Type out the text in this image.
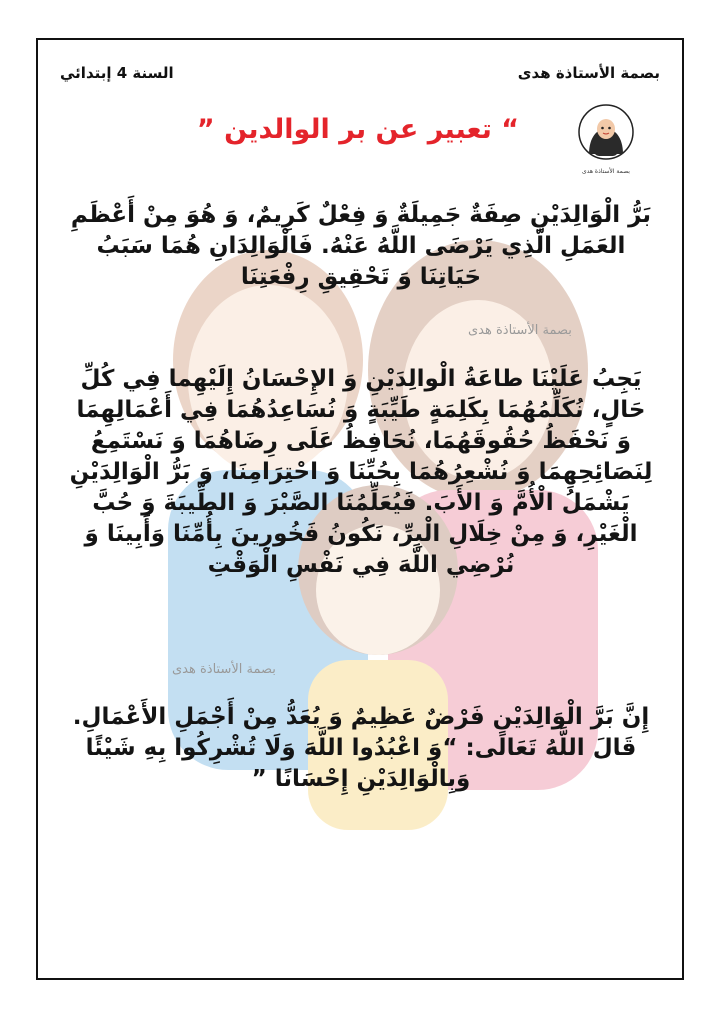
بصمة الأستاذة هدى
السنة 4 إبتدائي
بصمة الأستاذة هدى
“ تعبير عن بر الوالدين ”
بَرُّ الْوَالِدَيْنِ صِفَةٌ جَمِيلَةٌ وَ فِعْلٌ كَرِيمٌ، وَ هُوَ مِنْ أَعْظَمِ العَمَلِ الَّذِي يَرْضَى اللَّهُ عَنْهُ. فَالْوَالِدَانِ هُمَا سَبَبُ حَيَاتِنَا وَ تَحْقِيقِ رِفْعَتِنَا
بصمة الأستاذة هدى
يَجِبُ عَلَيْنَا طاعَةُ الْوالِدَيْنِ وَ الإِحْسَانُ إِلَيْهِما فِي كُلِّ حَالٍ، نُكَلِّمُهُمَا بِكَلِمَةٍ طَيِّبَةٍ وَ نُسَاعِدُهُمَا فِي أَعْمَالِهِمَا وَ نَحْفَظُ حُقُوقَهُمَا، نُحَافِظُ عَلَى رِضَاهُمَا وَ نَسْتَمِعُ لِنَصَائِحِهِمَا وَ نُشْعِرُهُمَا بِحُبِّنَا وَ احْتِرَامِنَا، وَ بَرُّ الْوَالِدَيْنِ يَشْمَلُ الْأُمَّ وَ الأَبَ. فَيُعَلِّمُنَا الصَّبْرَ وَ الطِّيبَةَ وَ حُبَّ الْغَيْرِ، وَ مِنْ خِلَالِ الْبِرِّ، نَكُونُ فَخُورِينَ بِأُمِّنَا وَأَبِينَا وَ نُرْضِي اللَّهَ فِي نَفْسِ الْوَقْتِ
بصمة الأستاذة هدى
إِنَّ بَرَّ الْوَالِدَيْنِ فَرْضٌ عَظِيمٌ وَ يُعَدُّ مِنْ أَجْمَلِ الأَعْمَالِ. قَالَ اللَّهُ تَعَالَى: “وَ اعْبُدُوا اللَّهَ وَلَا تُشْرِكُوا بِهِ شَيْئًا وَبِالْوَالِدَيْنِ إِحْسَانًا ”
